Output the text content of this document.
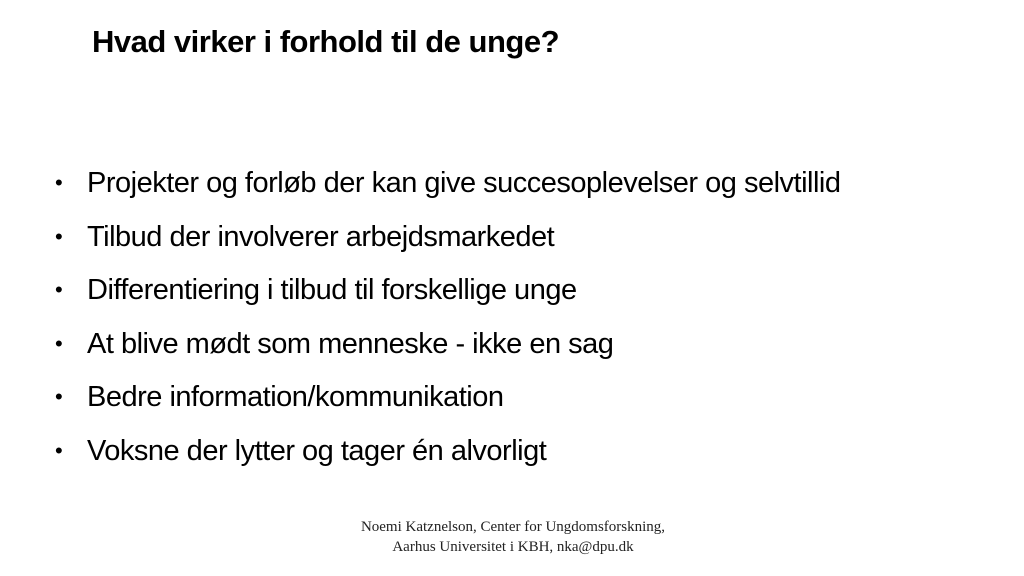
Hvad virker i forhold til de unge?
• Projekter og forløb der kan give succesoplevelser og selvtillid
• Tilbud der involverer arbejdsmarkedet
• Differentiering i tilbud til forskellige unge
• At blive mødt som menneske - ikke en sag
• Bedre information/kommunikation
• Voksne der lytter og tager én alvorligt
Noemi Katznelson, Center for Ungdomsforskning, Aarhus Universitet i KBH, nka@dpu.dk
